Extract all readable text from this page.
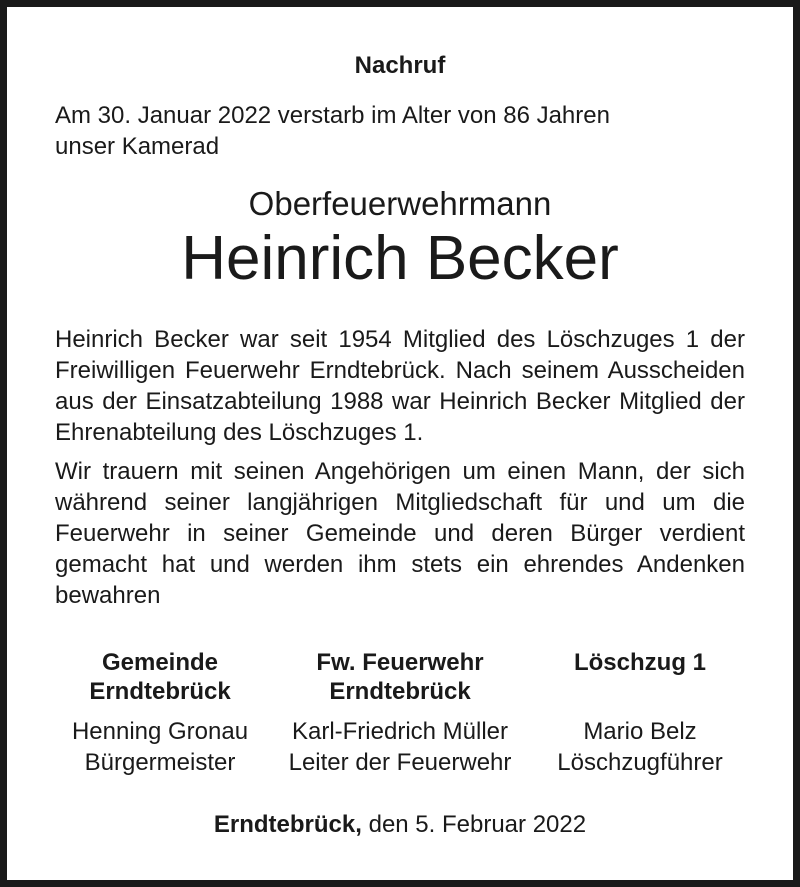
Nachruf
Am 30. Januar 2022 verstarb im Alter von 86 Jahren
unser Kamerad
Oberfeuerwehrmann
Heinrich Becker

Heinrich Becker war seit 1954 Mitglied des Löschzuges 1 der Freiwilligen Feuerwehr Erndtebrück. Nach seinem Ausscheiden aus der Einsatzabteilung 1988 war Heinrich Becker Mitglied der Ehrenabteilung des Löschzuges 1.

Wir trauern mit seinen Angehörigen um einen Mann, der sich während seiner langjährigen Mitgliedschaft für und um die Feuerwehr in seiner Gemeinde und deren Bürger verdient gemacht hat und werden ihm stets ein ehrendes Andenken bewahren

Gemeinde
Erndtebrück
Henning Gronau
Bürgermeister
Fw. Feuerwehr
Erndtebrück
Karl-Friedrich Müller
Leiter der Feuerwehr
Löschzug 1

Mario Belz
Löschzugführer
Erndtebrück, den 5. Februar 2022
